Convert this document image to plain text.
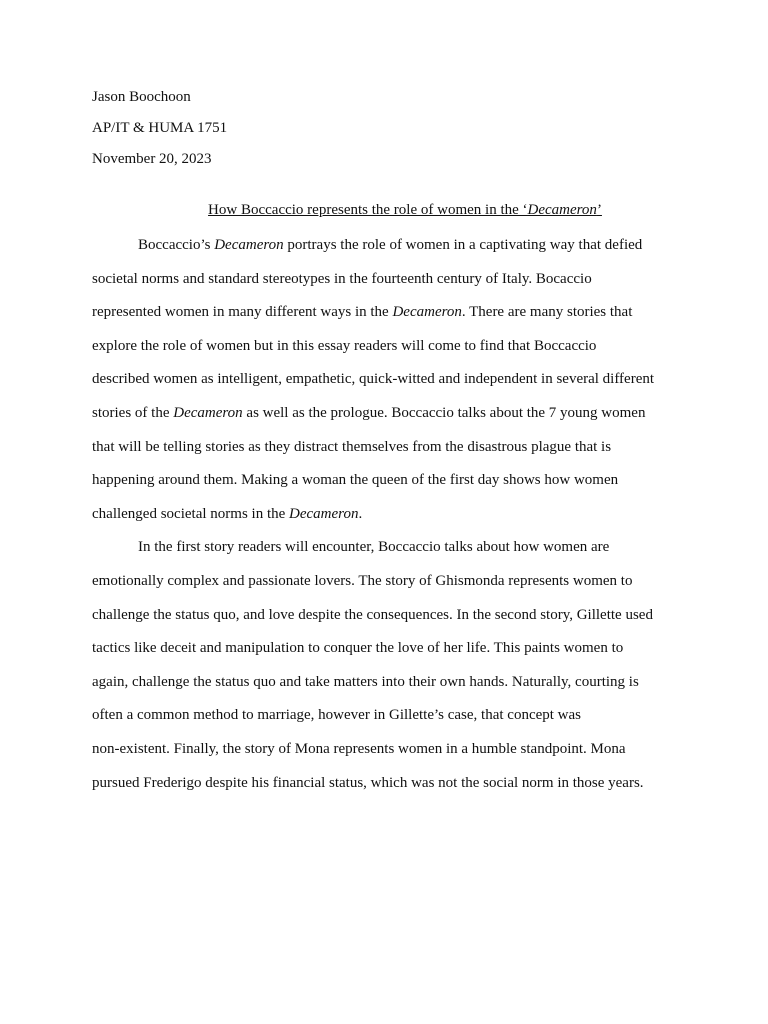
Jason Boochoon
AP/IT & HUMA 1751
November 20, 2023
How Boccaccio represents the role of women in the ‘Decameron’
Boccaccio’s Decameron portrays the role of women in a captivating way that defied
societal norms and standard stereotypes in the fourteenth century of Italy. Bocaccio
represented women in many different ways in the Decameron. There are many stories that
explore the role of women but in this essay readers will come to find that Boccaccio
described women as intelligent, empathetic, quick-witted and independent in several different
stories of the Decameron as well as the prologue. Boccaccio talks about the 7 young women
that will be telling stories as they distract themselves from the disastrous plague that is
happening around them. Making a woman the queen of the first day shows how women
challenged societal norms in the Decameron.
In the first story readers will encounter, Boccaccio talks about how women are
emotionally complex and passionate lovers. The story of Ghismonda represents women to
challenge the status quo, and love despite the consequences. In the second story, Gillette used
tactics like deceit and manipulation to conquer the love of her life. This paints women to
again, challenge the status quo and take matters into their own hands. Naturally, courting is
often a common method to marriage, however in Gillette’s case, that concept was
non-existent. Finally, the story of Mona represents women in a humble standpoint. Mona
pursued Frederigo despite his financial status, which was not the social norm in those years.
